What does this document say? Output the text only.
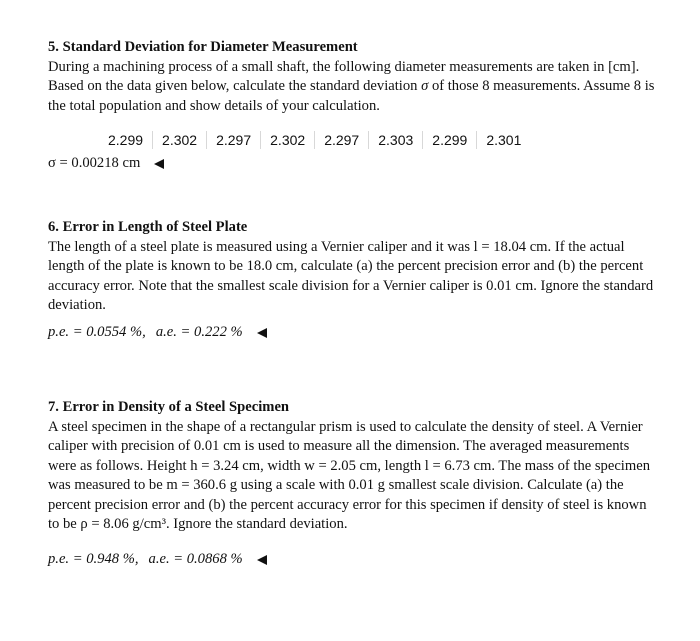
5. Standard Deviation for Diameter Measurement

During a machining process of a small shaft, the following diameter measurements are taken in [cm]. Based on the data given below, calculate the standard deviation σ of those 8 measurements. Assume 8 is the total population and show details of your calculation.

2.299	2.302	2.297	2.302	2.297	2.303	2.299	2.301
σ = 0.00218 cm

6. Error in Length of Steel Plate

The length of a steel plate is measured using a Vernier caliper and it was l = 18.04 cm. If the actual length of the plate is known to be 18.0 cm, calculate (a) the percent precision error and (b) the percent accuracy error. Note that the smallest scale division for a Vernier caliper is 0.01 cm. Ignore the standard deviation.

p.e. = 0.0554 %, a.e. = 0.222 %

7. Error in Density of a Steel Specimen

A steel specimen in the shape of a rectangular prism is used to calculate the density of steel. A Vernier caliper with precision of 0.01 cm is used to measure all the dimension. The averaged measurements were as follows. Height h = 3.24 cm, width w = 2.05 cm, length l = 6.73 cm. The mass of the specimen was measured to be m = 360.6 g using a scale with 0.01 g smallest scale division. Calculate (a) the percent precision error and (b) the percent accuracy error for this specimen if density of steel is known to be ρ = 8.06 g/cm³. Ignore the standard deviation.

p.e. = 0.948 %, a.e. = 0.0868 %
